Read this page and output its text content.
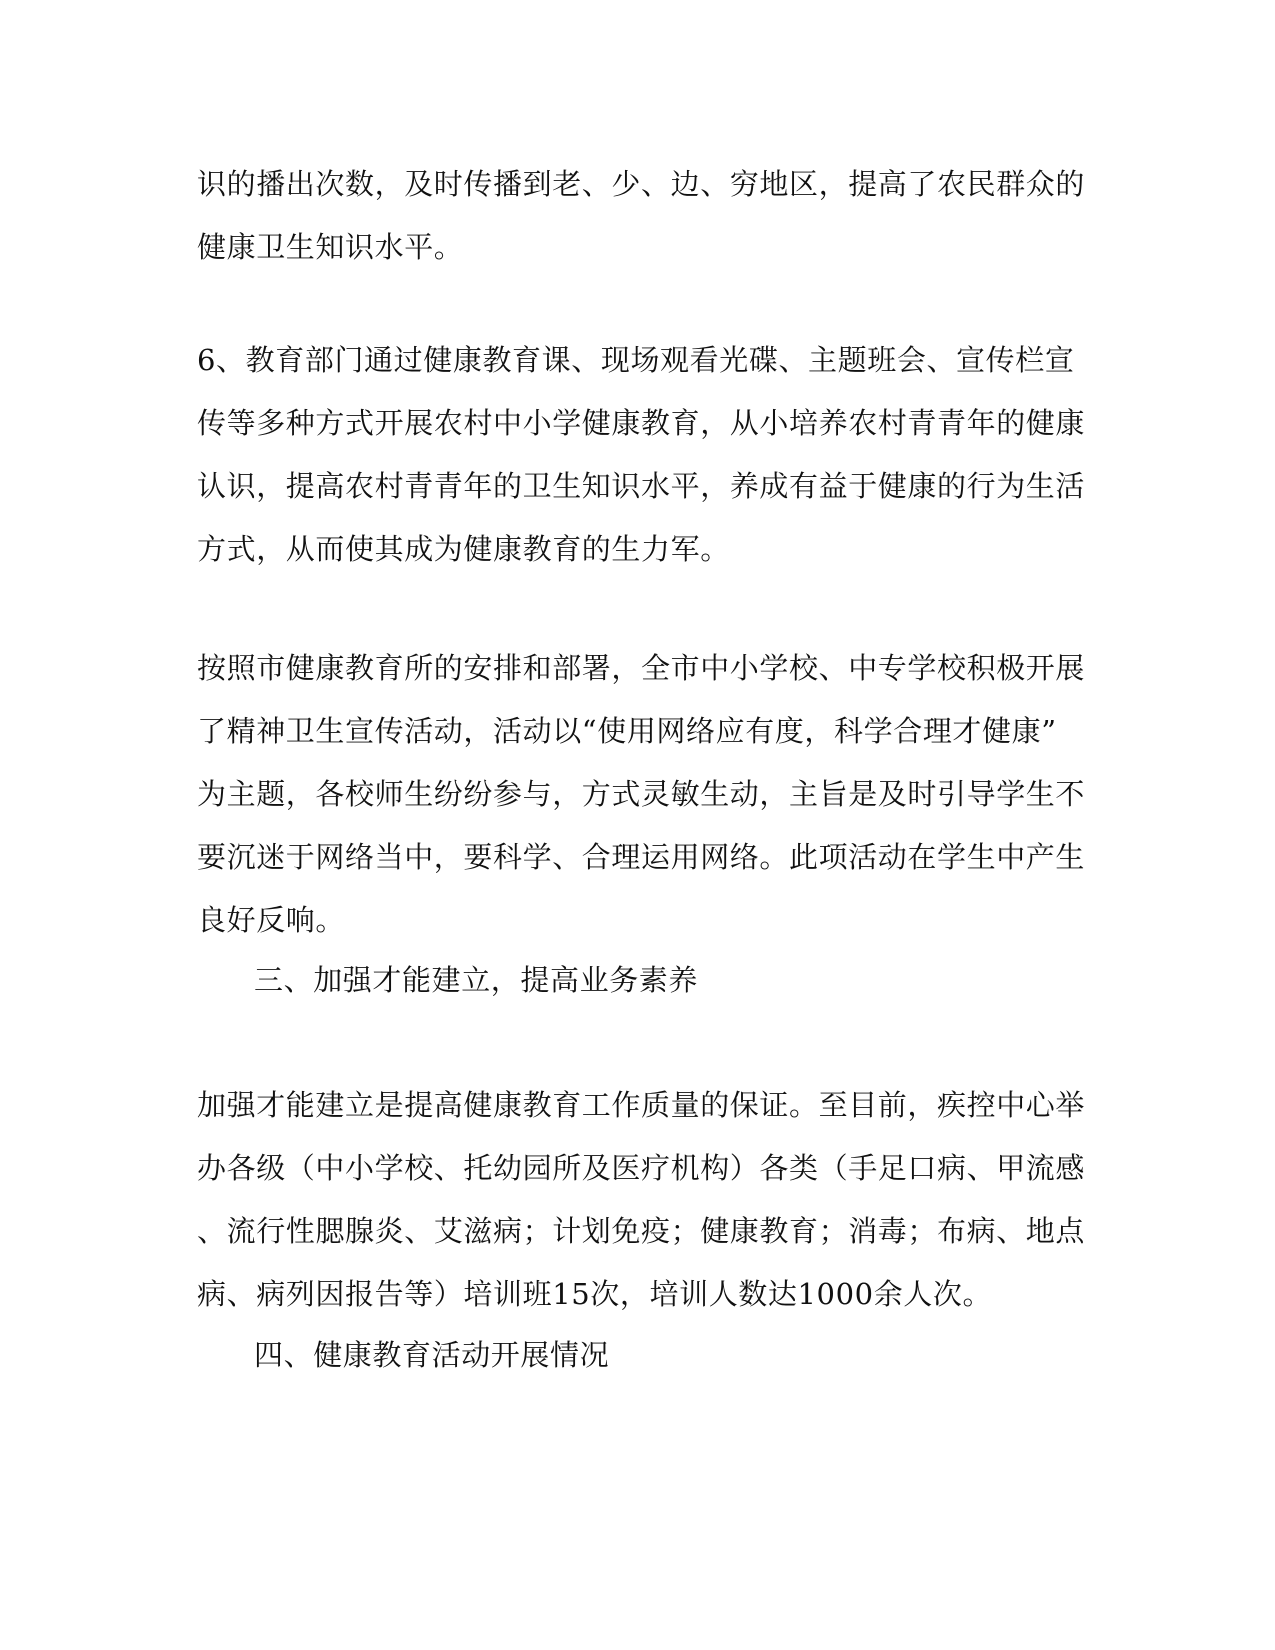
识的播出次数，及时传播到老、少、边、穷地区，提高了农民群众的
健康卫生知识水平。
6、教育部门通过健康教育课、现场观看光碟、主题班会、宣传栏宣
传等多种方式开展农村中小学健康教育，从小培养农村青青年的健康
认识，提高农村青青年的卫生知识水平，养成有益于健康的行为生活
方式，从而使其成为健康教育的生力军。
按照市健康教育所的安排和部署，全市中小学校、中专学校积极开展
了精神卫生宣传活动，活动以“使用网络应有度，科学合理才健康”
为主题，各校师生纷纷参与，方式灵敏生动，主旨是及时引导学生不
要沉迷于网络当中，要科学、合理运用网络。此项活动在学生中产生
良好反响。
三、加强才能建立，提高业务素养
加强才能建立是提高健康教育工作质量的保证。至目前，疾控中心举
办各级（中小学校、托幼园所及医疗机构）各类（手足口病、甲流感
、流行性腮腺炎、艾滋病；计划免疫；健康教育；消毒；布病、地点
病、病列因报告等）培训班15次，培训人数达1000余人次。
四、健康教育活动开展情况
